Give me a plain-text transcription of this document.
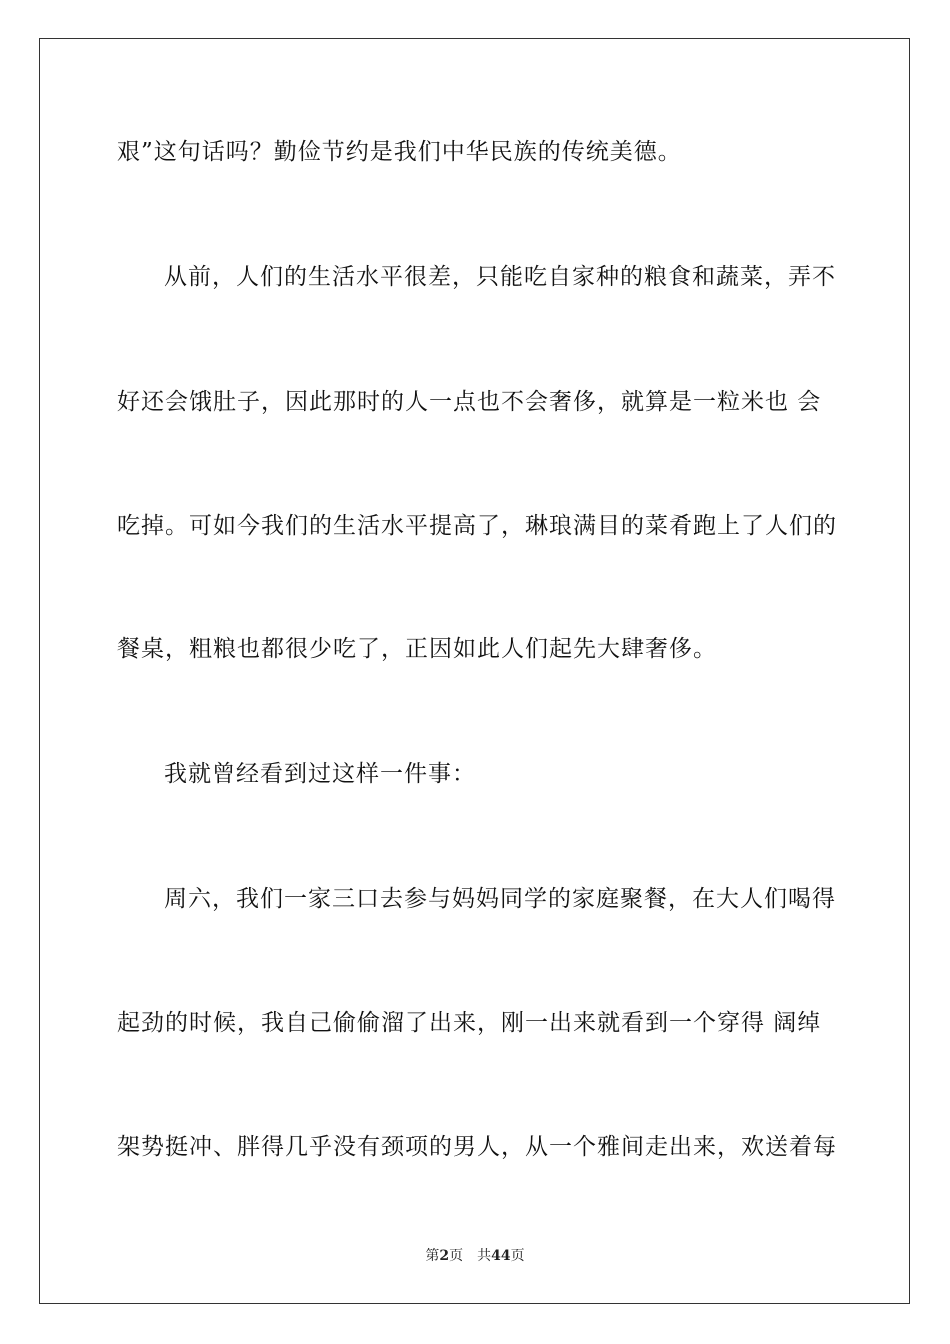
艰”这句话吗？勤俭节约是我们中华民族的传统美德。
从前，人们的生活水平很差，只能吃自家种的粮食和蔬菜，弄不
好还会饿肚子，因此那时的人一点也不会奢侈，就算是一粒米也 会
吃掉。可如今我们的生活水平提高了，琳琅满目的菜肴跑上了人们的
餐桌，粗粮也都很少吃了，正因如此人们起先大肆奢侈。
我就曾经看到过这样一件事：
周六，我们一家三口去参与妈妈同学的家庭聚餐，在大人们喝得
起劲的时候，我自己偷偷溜了出来，刚一出来就看到一个穿得 阔绰
架势挺冲、胖得几乎没有颈项的男人，从一个雅间走出来，欢送着每
第2页 共44页
